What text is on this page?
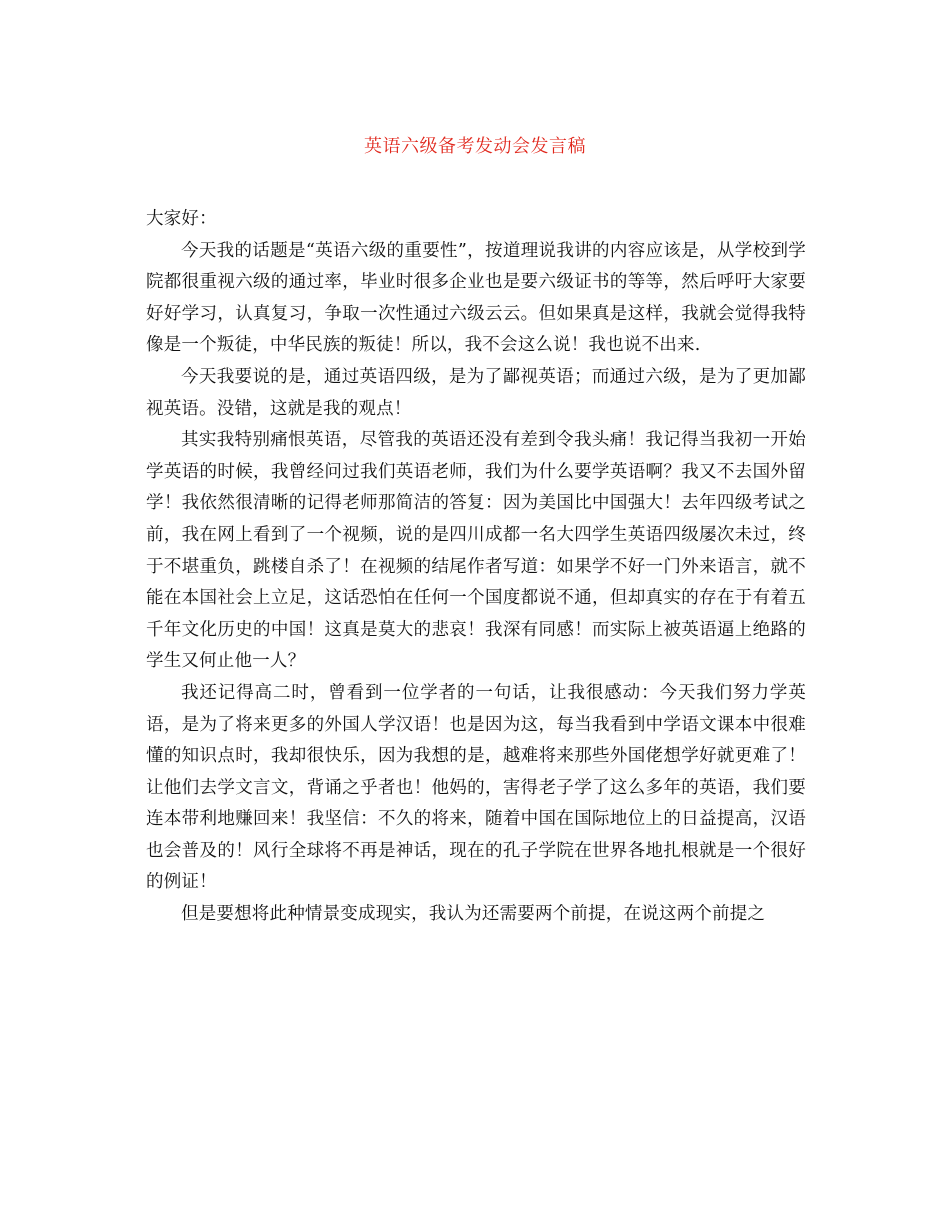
英语六级备考发动会发言稿

大家好：

今天我的话题是“英语六级的重要性”，按道理说我讲的内容应该是，从学校到学院都很重视六级的通过率，毕业时很多企业也是要六级证书的等等，然后呼吁大家要好好学习，认真复习，争取一次性通过六级云云。但如果真是这样，我就会觉得我特像是一个叛徒，中华民族的叛徒！所以，我不会这么说！我也说不出来.

今天我要说的是，通过英语四级，是为了鄙视英语；而通过六级，是为了更加鄙视英语。没错，这就是我的观点！

其实我特别痛恨英语，尽管我的英语还没有差到令我头痛！我记得当我初一开始学英语的时候，我曾经问过我们英语老师，我们为什么要学英语啊？我又不去国外留学！我依然很清晰的记得老师那简洁的答复：因为美国比中国强大！去年四级考试之前，我在网上看到了一个视频，说的是四川成都一名大四学生英语四级屡次未过，终于不堪重负，跳楼自杀了！在视频的结尾作者写道：如果学不好一门外来语言，就不能在本国社会上立足，这话恐怕在任何一个国度都说不通，但却真实的存在于有着五千年文化历史的中国！这真是莫大的悲哀！我深有同感！而实际上被英语逼上绝路的学生又何止他一人？

我还记得高二时，曾看到一位学者的一句话，让我很感动：今天我们努力学英语，是为了将来更多的外国人学汉语！也是因为这，每当我看到中学语文课本中很难懂的知识点时，我却很快乐，因为我想的是，越难将来那些外国佬想学好就更难了！让他们去学文言文，背诵之乎者也！他妈的，害得老子学了这么多年的英语，我们要连本带利地赚回来！我坚信：不久的将来，随着中国在国际地位上的日益提高，汉语也会普及的！风行全球将不再是神话，现在的孔子学院在世界各地扎根就是一个很好的例证！

但是要想将此种情景变成现实，我认为还需要两个前提，在说这两个前提之
